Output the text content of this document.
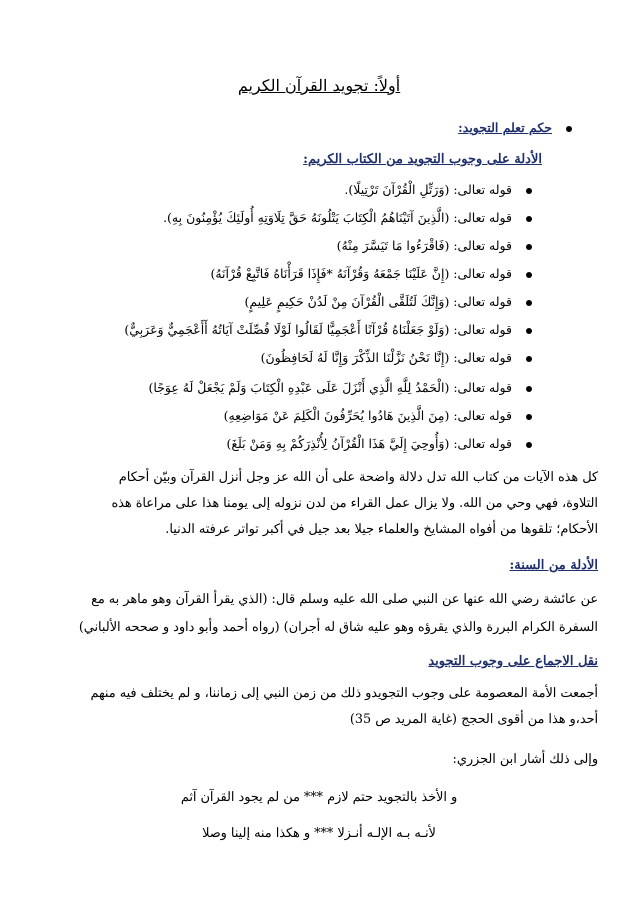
أولاً: تجويد القرآن الكريم
حكم تعلم التجويد:
الأدلة على وجوب التجويد من الكتاب الكريم:
قوله تعالى: (وَرَتِّلِ الْقُرْآنَ تَرْتِيلًا).
قوله تعالى: (الَّذِينَ آتَيْنَاهُمُ الْكِتَابَ يَتْلُونَهُ حَقَّ تِلَاوَتِهِ أُولَئِكَ يُؤْمِنُونَ بِهِ).
قوله تعالى: (فَاقْرَءُوا مَا تَيَسَّرَ مِنْهُ)
قوله تعالى: (إِنَّ عَلَيْنَا جَمْعَهُ وَقُرْآنَهُ *فَإِذَا قَرَأْنَاهُ فَاتَّبِعْ قُرْآنَهُ)
قوله تعالى: (وَإِنَّكَ لَتُلَقَّى الْقُرْآنَ مِنْ لَدُنْ حَكِيمٍ عَلِيمٍ)
قوله تعالى: (وَلَوْ جَعَلْنَاهُ قُرْآنًا أَعْجَمِيًّا لَقَالُوا لَوْلَا فُصِّلَتْ آيَاتُهُ أَأَعْجَمِيٌّ وَعَرَبِيٌّ)
قوله تعالى: (إِنَّا نَحْنُ نَزَّلْنَا الذِّكْرَ وَإِنَّا لَهُ لَحَافِظُونَ)
قوله تعالى: (الْحَمْدُ لِلَّهِ الَّذِي أَنْزَلَ عَلَى عَبْدِهِ الْكِتَابَ وَلَمْ يَجْعَلْ لَهُ عِوَجًا)
قوله تعالى: (مِنَ الَّذِينَ هَادُوا يُحَرِّفُونَ الْكَلِمَ عَنْ مَوَاضِعِهِ)
قوله تعالى: (وَأُوحِيَ إِلَيَّ هَذَا الْقُرْآنُ لِأُنْذِرَكُمْ بِهِ وَمَنْ بَلَغَ)
كل هذه الآيات من كتاب الله تدل دلالة واضحة على أن الله عز وجل أنزل القرآن وبيّن أحكام
التلاوة، فهي وحي من الله. ولا يزال عمل القراء من لدن نزوله إلى يومنا هذا على مراعاة هذه
الأحكام؛ تلقوها من أفواه المشايخ والعلماء جيلا بعد جيل في أكبر تواتر عرفته الدنيا.
الأدلة من السنة:
عن عائشة رضي الله عنها عن النبي صلى الله عليه وسلم قال: (الذي يقرأ القرآن وهو ماهر به مع
السفرة الكرام البررة والذي يقرؤه وهو عليه شاق له أجران) (رواه أحمد وأبو داود و صححه الألباني)
نقل الاجماع على وجوب التجويد
أجمعت الأمة المعصومة على وجوب التجويدو ذلك من زمن النبي إلى زماننا، و لم يختلف فيه منهم
أحد،و هذا من أقوى الحجج (غاية المريد ص 35)
وإلى ذلك أشار ابن الجزري:
و الأخذ بالتجويد حتم لازم *** من لم يجود القرآن آثم
لأنـه بـه الإلـه أنـزلا *** و هكذا منه إلينا وصلا
